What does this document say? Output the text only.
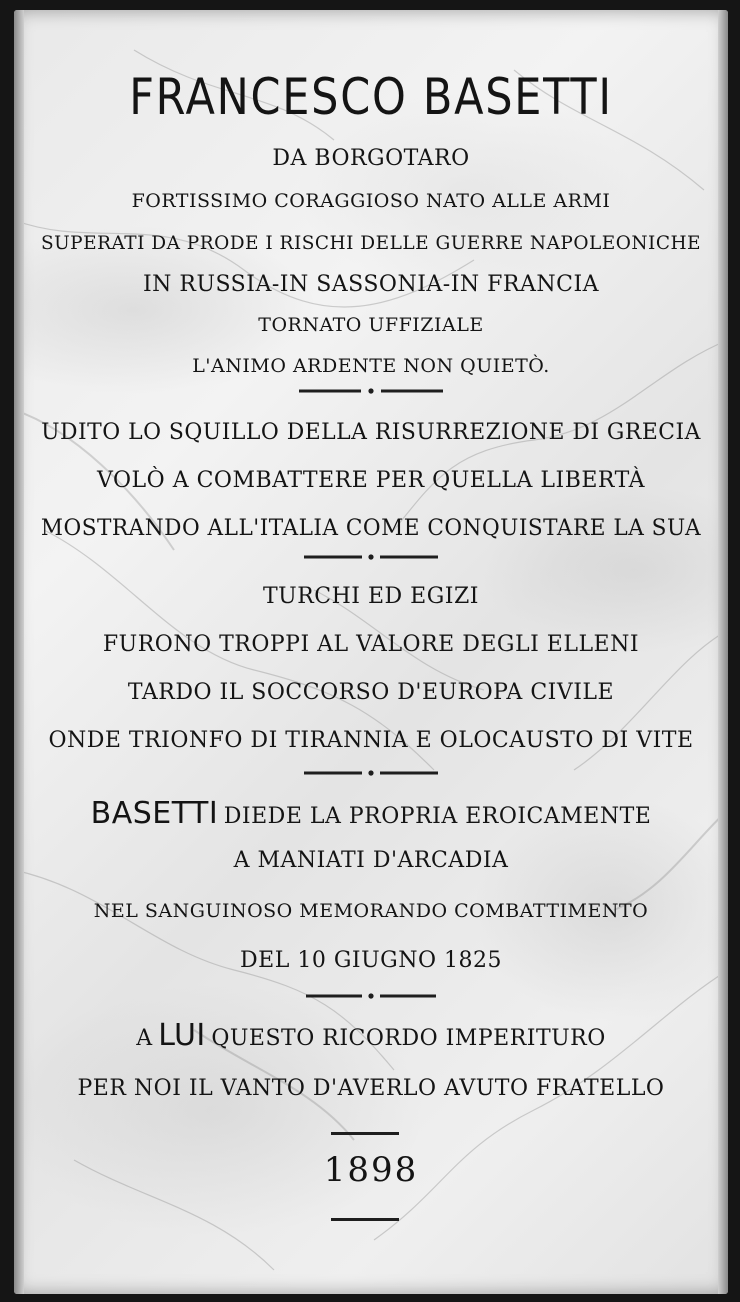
FRANCESCO BASETTI
DA BORGOTARO
FORTISSIMO CORAGGIOSO NATO ALLE ARMI
SUPERATI DA PRODE I RISCHI DELLE GUERRE NAPOLEONICHE
IN RUSSIA-IN SASSONIA-IN FRANCIA
TORNATO UFFIZIALE
L'ANIMO ARDENTE NON QUIETÒ.
UDITO LO SQUILLO DELLA RISURREZIONE DI GRECIA
VOLÒ A COMBATTERE PER QUELLA LIBERTÀ
MOSTRANDO ALL'ITALIA COME CONQUISTARE LA SUA
TURCHI ED EGIZI
FURONO TROPPI AL VALORE DEGLI ELLENI
TARDO IL SOCCORSO D'EUROPA CIVILE
ONDE TRIONFO DI TIRANNIA E OLOCAUSTO DI VITE
BASETTI DIEDE LA PROPRIA EROICAMENTE
A MANIATI D'ARCADIA
NEL SANGUINOSO MEMORANDO COMBATTIMENTO
DEL 10 GIUGNO 1825
A LUI QUESTO RICORDO IMPERITURO
PER NOI IL VANTO D'AVERLO AVUTO FRATELLO
1898
